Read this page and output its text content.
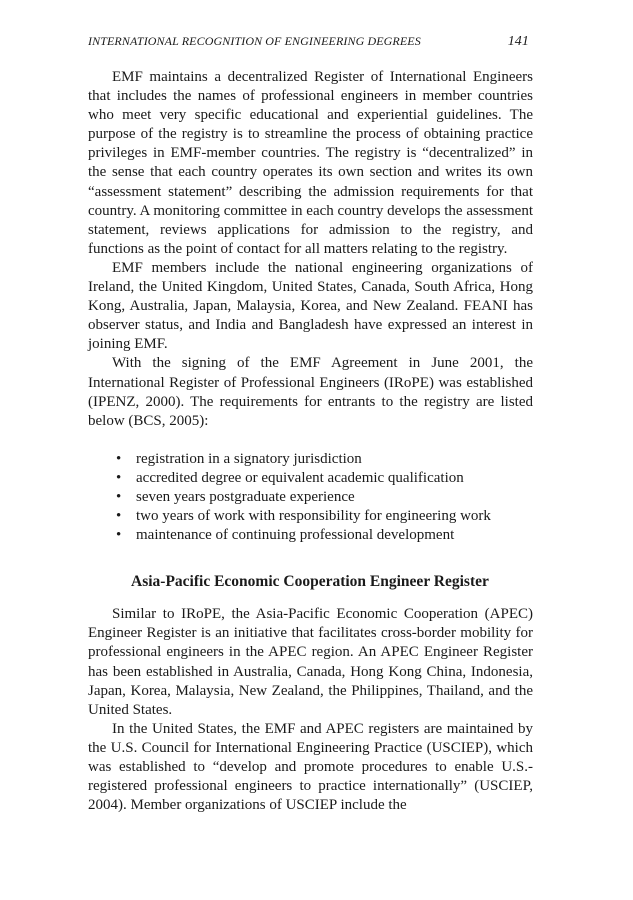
INTERNATIONAL RECOGNITION OF ENGINEERING DEGREES	141

EMF maintains a decentralized Register of International Engineers that includes the names of professional engineers in member countries who meet very specific educational and experiential guidelines. The purpose of the registry is to streamline the process of obtaining practice privileges in EMF-member countries. The registry is “decentralized” in the sense that each country operates its own section and writes its own “assessment statement” describing the admission requirements for that country. A monitoring committee in each country develops the assessment statement, reviews applications for admission to the registry, and functions as the point of contact for all matters relating to the registry.

EMF members include the national engineering organizations of Ireland, the United Kingdom, United States, Canada, South Africa, Hong Kong, Australia, Japan, Malaysia, Korea, and New Zealand. FEANI has observer status, and India and Bangladesh have expressed an interest in joining EMF.

With the signing of the EMF Agreement in June 2001, the International Register of Professional Engineers (IRoPE) was established (IPENZ, 2000). The requirements for entrants to the registry are listed below (BCS, 2005):

• registration in a signatory jurisdiction
• accredited degree or equivalent academic qualification
• seven years postgraduate experience
• two years of work with responsibility for engineering work
• maintenance of continuing professional development
Asia-Pacific Economic Cooperation Engineer Register

Similar to IRoPE, the Asia-Pacific Economic Cooperation (APEC) Engineer Register is an initiative that facilitates cross-border mobility for professional engineers in the APEC region. An APEC Engineer Register has been established in Australia, Canada, Hong Kong China, Indonesia, Japan, Korea, Malaysia, New Zealand, the Philippines, Thailand, and the United States.

In the United States, the EMF and APEC registers are maintained by the U.S. Council for International Engineering Practice (USCIEP), which was established to “develop and promote procedures to enable U.S.-registered professional engineers to practice internationally” (USCIEP, 2004). Member organizations of USCIEP include the
